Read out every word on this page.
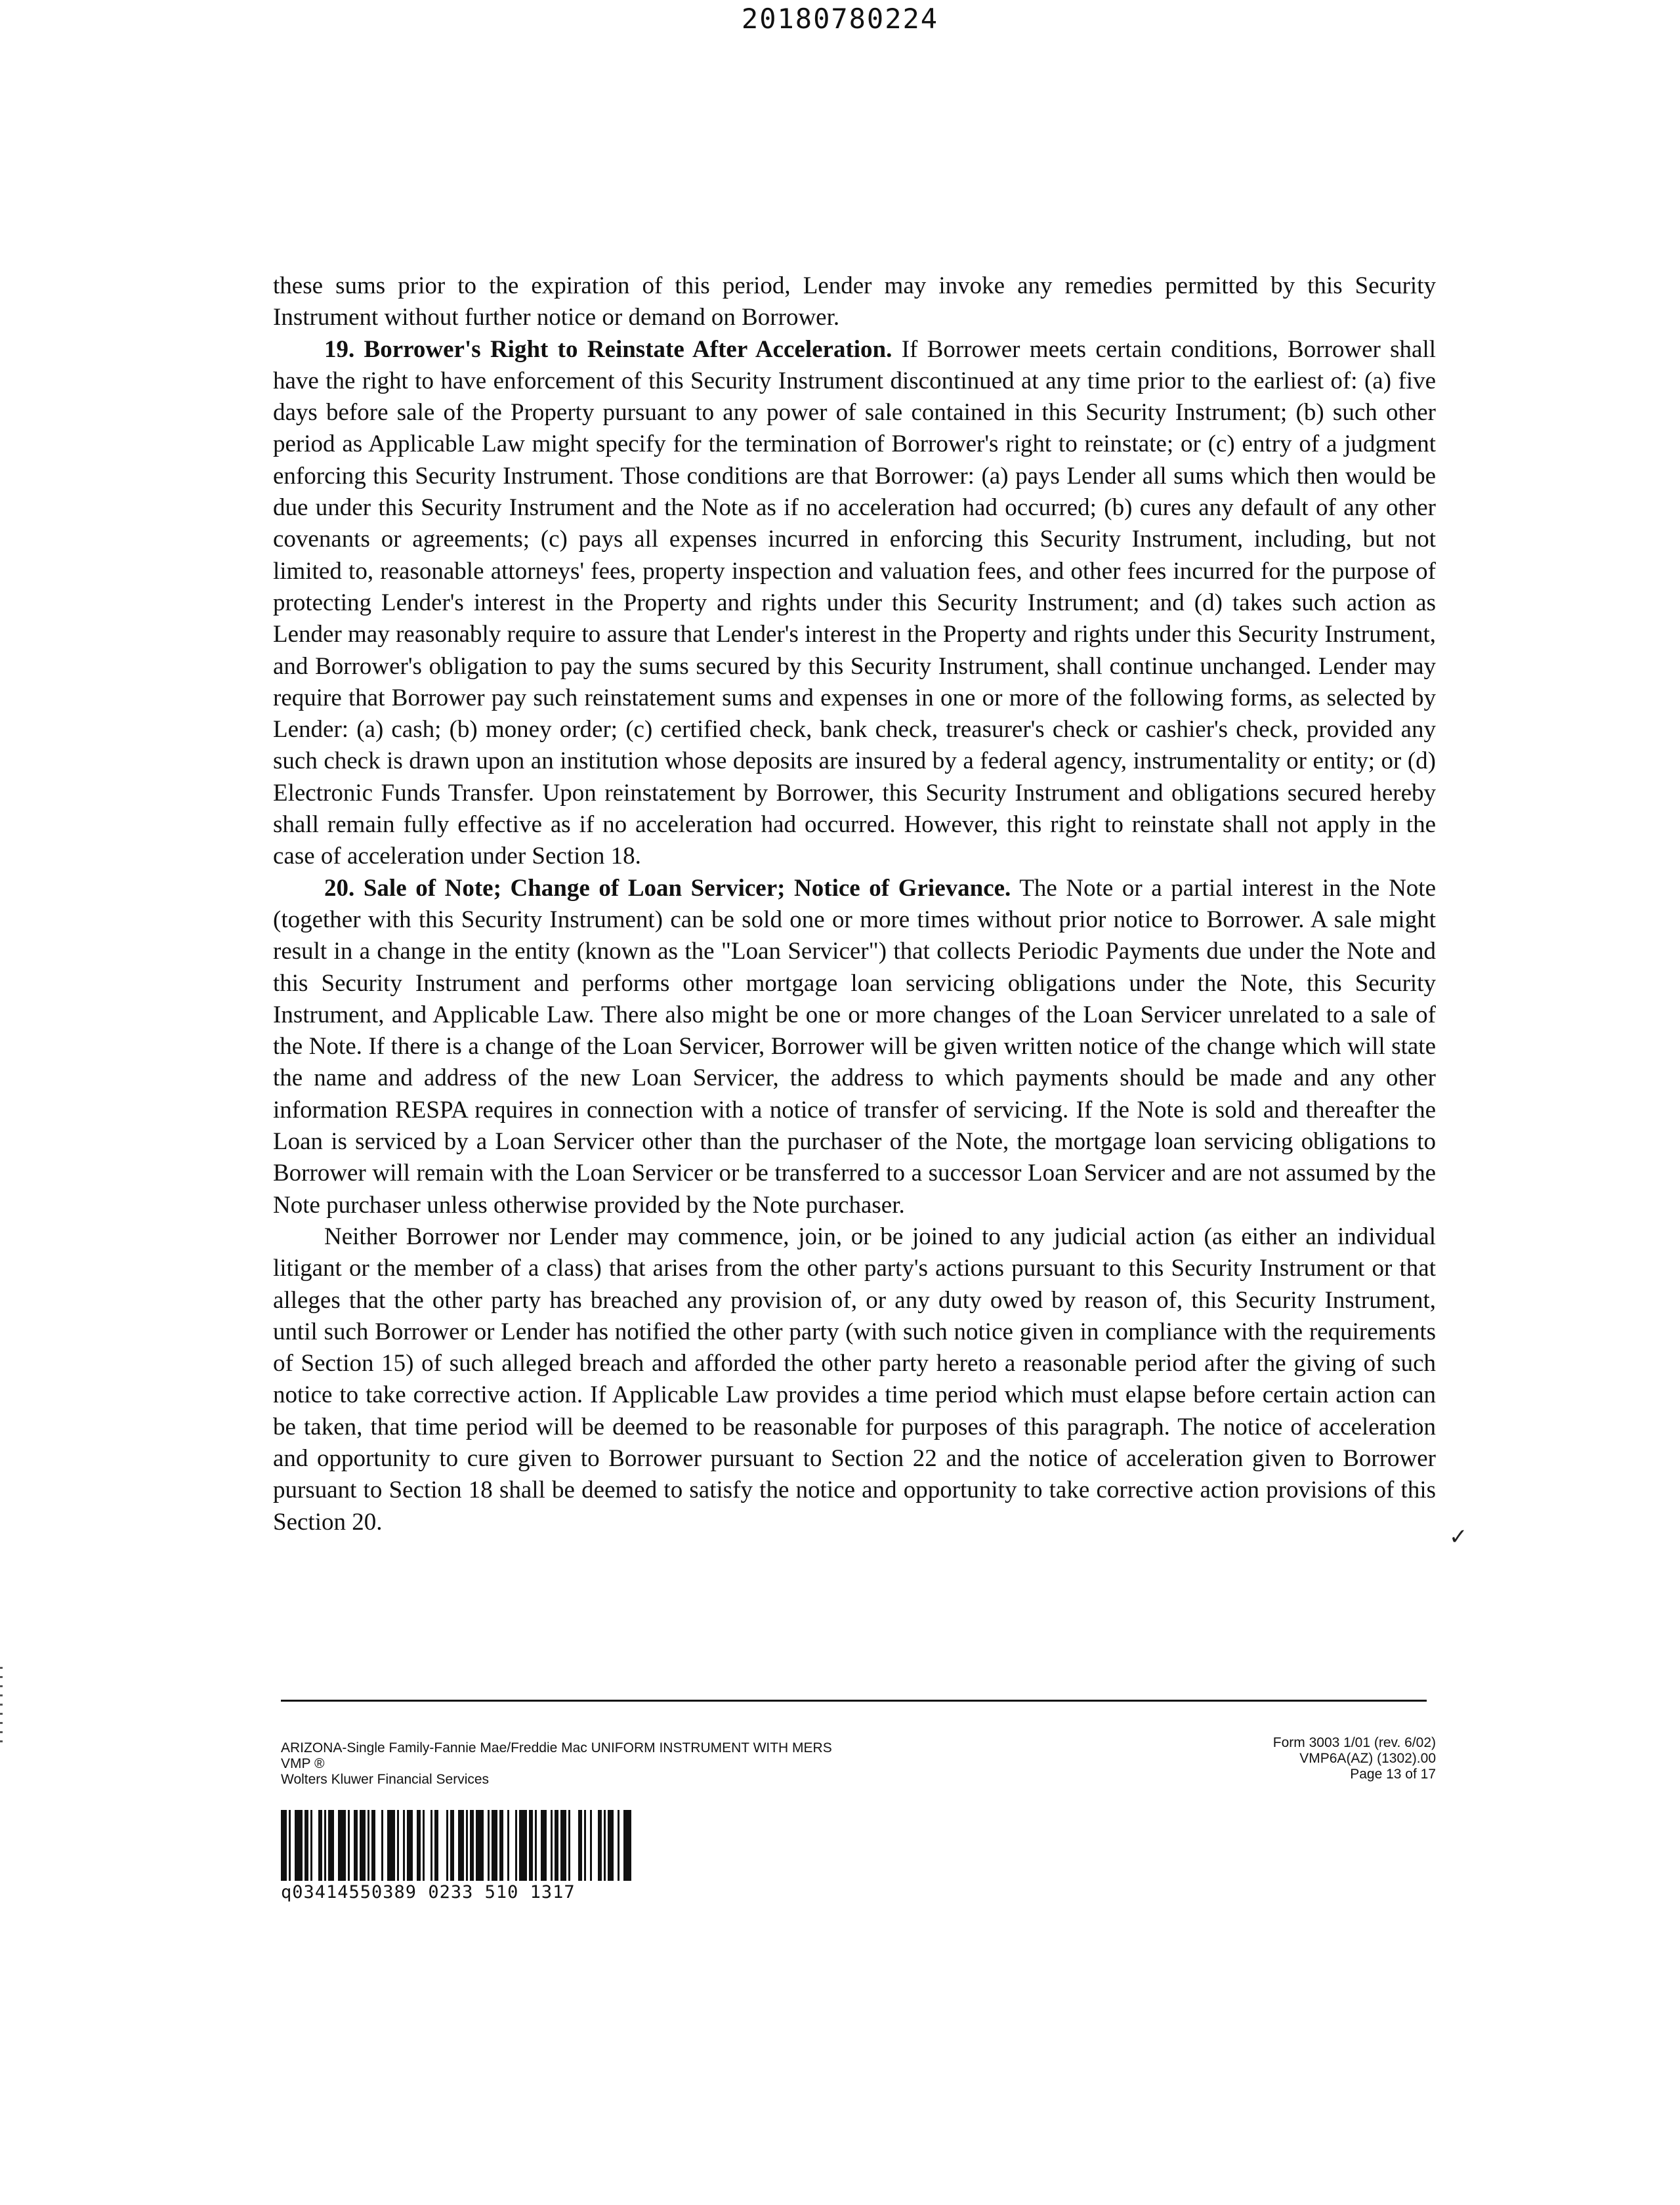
20180780224

these sums prior to the expiration of this period, Lender may invoke any remedies permitted by this Security Instrument without further notice or demand on Borrower.

19. Borrower's Right to Reinstate After Acceleration. If Borrower meets certain conditions, Borrower shall have the right to have enforcement of this Security Instrument discontinued at any time prior to the earliest of: (a) five days before sale of the Property pursuant to any power of sale contained in this Security Instrument; (b) such other period as Applicable Law might specify for the termination of Borrower's right to reinstate; or (c) entry of a judgment enforcing this Security Instrument. Those conditions are that Borrower: (a) pays Lender all sums which then would be due under this Security Instrument and the Note as if no acceleration had occurred; (b) cures any default of any other covenants or agreements; (c) pays all expenses incurred in enforcing this Security Instrument, including, but not limited to, reasonable attorneys' fees, property inspection and valuation fees, and other fees incurred for the purpose of protecting Lender's interest in the Property and rights under this Security Instrument; and (d) takes such action as Lender may reasonably require to assure that Lender's interest in the Property and rights under this Security Instrument, and Borrower's obligation to pay the sums secured by this Security Instrument, shall continue unchanged. Lender may require that Borrower pay such reinstatement sums and expenses in one or more of the following forms, as selected by Lender: (a) cash; (b) money order; (c) certified check, bank check, treasurer's check or cashier's check, provided any such check is drawn upon an institution whose deposits are insured by a federal agency, instrumentality or entity; or (d) Electronic Funds Transfer. Upon reinstatement by Borrower, this Security Instrument and obligations secured hereby shall remain fully effective as if no acceleration had occurred. However, this right to reinstate shall not apply in the case of acceleration under Section 18.

20. Sale of Note; Change of Loan Servicer; Notice of Grievance. The Note or a partial interest in the Note (together with this Security Instrument) can be sold one or more times without prior notice to Borrower. A sale might result in a change in the entity (known as the "Loan Servicer") that collects Periodic Payments due under the Note and this Security Instrument and performs other mortgage loan servicing obligations under the Note, this Security Instrument, and Applicable Law. There also might be one or more changes of the Loan Servicer unrelated to a sale of the Note. If there is a change of the Loan Servicer, Borrower will be given written notice of the change which will state the name and address of the new Loan Servicer, the address to which payments should be made and any other information RESPA requires in connection with a notice of transfer of servicing. If the Note is sold and thereafter the Loan is serviced by a Loan Servicer other than the purchaser of the Note, the mortgage loan servicing obligations to Borrower will remain with the Loan Servicer or be transferred to a successor Loan Servicer and are not assumed by the Note purchaser unless otherwise provided by the Note purchaser.

Neither Borrower nor Lender may commence, join, or be joined to any judicial action (as either an individual litigant or the member of a class) that arises from the other party's actions pursuant to this Security Instrument or that alleges that the other party has breached any provision of, or any duty owed by reason of, this Security Instrument, until such Borrower or Lender has notified the other party (with such notice given in compliance with the requirements of Section 15) of such alleged breach and afforded the other party hereto a reasonable period after the giving of such notice to take corrective action. If Applicable Law provides a time period which must elapse before certain action can be taken, that time period will be deemed to be reasonable for purposes of this paragraph. The notice of acceleration and opportunity to cure given to Borrower pursuant to Section 22 and the notice of acceleration given to Borrower pursuant to Section 18 shall be deemed to satisfy the notice and opportunity to take corrective action provisions of this Section 20.

✓
ARIZONA-Single Family-Fannie Mae/Freddie Mac UNIFORM INSTRUMENT WITH MERS
VMP ®
Wolters Kluwer Financial Services
Form 3003 1/01 (rev. 6/02)
VMP6A(AZ) (1302).00
Page 13 of 17
q03414550389 0233 510 1317
